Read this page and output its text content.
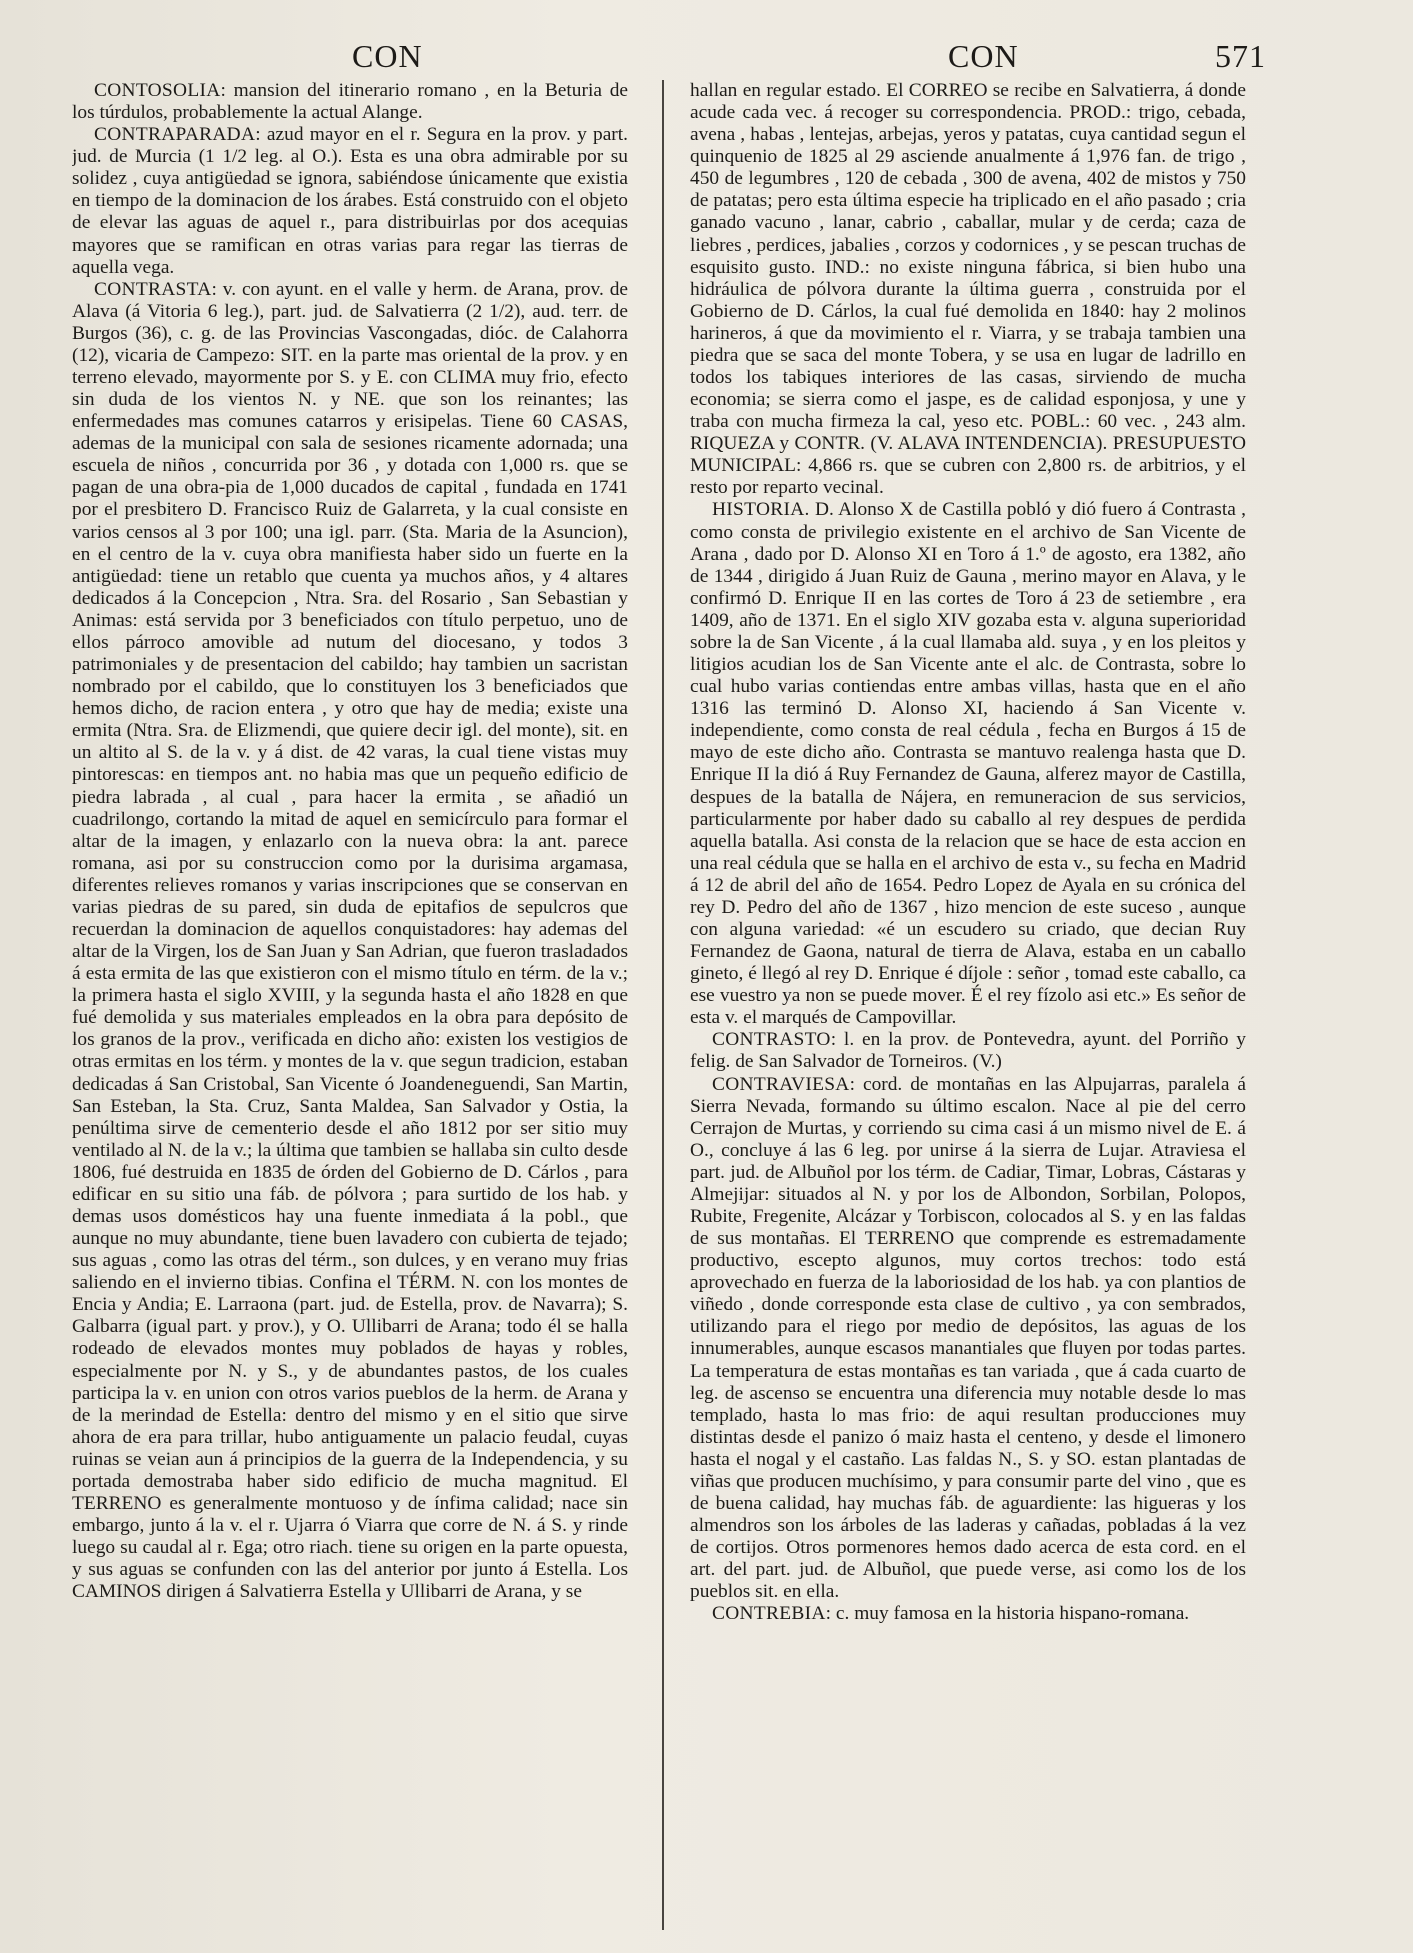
CON	CON	571

CONTOSOLIA: mansion del itinerario romano , en la Beturia de los túrdulos, probablemente la actual Alange.

CONTRAPARADA: azud mayor en el r. Segura en la prov. y part. jud. de Murcia (1 1/2 leg. al O.). Esta es una obra admirable por su solidez , cuya antigüedad se ignora, sabiéndose únicamente que existia en tiempo de la dominacion de los árabes. Está construido con el objeto de elevar las aguas de aquel r., para distribuirlas por dos acequias mayores que se ramifican en otras varias para regar las tierras de aquella vega.

CONTRASTA: v. con ayunt. en el valle y herm. de Arana, prov. de Alava (á Vitoria 6 leg.), part. jud. de Salvatierra (2 1/2), aud. terr. de Burgos (36), c. g. de las Provincias Vascongadas, dióc. de Calahorra (12), vicaria de Campezo: SIT. en la parte mas oriental de la prov. y en terreno elevado, mayormente por S. y E. con CLIMA muy frio, efecto sin duda de los vientos N. y NE. que son los reinantes; las enfermedades mas comunes catarros y erisipelas. Tiene 60 CASAS, ademas de la municipal con sala de sesiones ricamente adornada; una escuela de niños , concurrida por 36 , y dotada con 1,000 rs. que se pagan de una obra-pia de 1,000 ducados de capital , fundada en 1741 por el presbitero D. Francisco Ruiz de Galarreta, y la cual consiste en varios censos al 3 por 100; una igl. parr. (Sta. Maria de la Asuncion), en el centro de la v. cuya obra manifiesta haber sido un fuerte en la antigüedad: tiene un retablo que cuenta ya muchos años, y 4 altares dedicados á la Concepcion , Ntra. Sra. del Rosario , San Sebastian y Animas: está servida por 3 beneficiados con título perpetuo, uno de ellos párroco amovible ad nutum del diocesano, y todos 3 patrimoniales y de presentacion del cabildo; hay tambien un sacristan nombrado por el cabildo, que lo constituyen los 3 beneficiados que hemos dicho, de racion entera , y otro que hay de media; existe una ermita (Ntra. Sra. de Elizmendi, que quiere decir igl. del monte), sit. en un altito al S. de la v. y á dist. de 42 varas, la cual tiene vistas muy pintorescas: en tiempos ant. no habia mas que un pequeño edificio de piedra labrada , al cual , para hacer la ermita , se añadió un cuadrilongo, cortando la mitad de aquel en semicírculo para formar el altar de la imagen, y enlazarlo con la nueva obra: la ant. parece romana, asi por su construccion como por la durisima argamasa, diferentes relieves romanos y varias inscripciones que se conservan en varias piedras de su pared, sin duda de epitafios de sepulcros que recuerdan la dominacion de aquellos conquistadores: hay ademas del altar de la Virgen, los de San Juan y San Adrian, que fueron trasladados á esta ermita de las que existieron con el mismo título en térm. de la v.; la primera hasta el siglo XVIII, y la segunda hasta el año 1828 en que fué demolida y sus materiales empleados en la obra para depósito de los granos de la prov., verificada en dicho año: existen los vestigios de otras ermitas en los térm. y montes de la v. que segun tradicion, estaban dedicadas á San Cristobal, San Vicente ó Joandeneguendi, San Martin, San Esteban, la Sta. Cruz, Santa Maldea, San Salvador y Ostia, la penúltima sirve de cementerio desde el año 1812 por ser sitio muy ventilado al N. de la v.; la última que tambien se hallaba sin culto desde 1806, fué destruida en 1835 de órden del Gobierno de D. Cárlos , para edificar en su sitio una fáb. de pólvora ; para surtido de los hab. y demas usos domésticos hay una fuente inmediata á la pobl., que aunque no muy abundante, tiene buen lavadero con cubierta de tejado; sus aguas , como las otras del térm., son dulces, y en verano muy frias saliendo en el invierno tibias. Confina el TÉRM. N. con los montes de Encia y Andia; E. Larraona (part. jud. de Estella, prov. de Navarra); S. Galbarra (igual part. y prov.), y O. Ullibarri de Arana; todo él se halla rodeado de elevados montes muy poblados de hayas y robles, especialmente por N. y S., y de abundantes pastos, de los cuales participa la v. en union con otros varios pueblos de la herm. de Arana y de la merindad de Estella: dentro del mismo y en el sitio que sirve ahora de era para trillar, hubo antiguamente un palacio feudal, cuyas ruinas se veian aun á principios de la guerra de la Independencia, y su portada demostraba haber sido edificio de mucha magnitud. El TERRENO es generalmente montuoso y de ínfima calidad; nace sin embargo, junto á la v. el r. Ujarra ó Viarra que corre de N. á S. y rinde luego su caudal al r. Ega; otro riach. tiene su origen en la parte opuesta, y sus aguas se confunden con las del anterior por junto á Estella. Los CAMINOS dirigen á Salvatierra Estella y Ullibarri de Arana, y se

hallan en regular estado. El CORREO se recibe en Salvatierra, á donde acude cada vec. á recoger su correspondencia. PROD.: trigo, cebada, avena , habas , lentejas, arbejas, yeros y patatas, cuya cantidad segun el quinquenio de 1825 al 29 asciende anualmente á 1,976 fan. de trigo , 450 de legumbres , 120 de cebada , 300 de avena, 402 de mistos y 750 de patatas; pero esta última especie ha triplicado en el año pasado ; cria ganado vacuno , lanar, cabrio , caballar, mular y de cerda; caza de liebres , perdices, jabalies , corzos y codornices , y se pescan truchas de esquisito gusto. IND.: no existe ninguna fábrica, si bien hubo una hidráulica de pólvora durante la última guerra , construida por el Gobierno de D. Cárlos, la cual fué demolida en 1840: hay 2 molinos harineros, á que da movimiento el r. Viarra, y se trabaja tambien una piedra que se saca del monte Tobera, y se usa en lugar de ladrillo en todos los tabiques interiores de las casas, sirviendo de mucha economia; se sierra como el jaspe, es de calidad esponjosa, y une y traba con mucha firmeza la cal, yeso etc. POBL.: 60 vec. , 243 alm. RIQUEZA y CONTR. (V. ALAVA INTENDENCIA). PRESUPUESTO MUNICIPAL: 4,866 rs. que se cubren con 2,800 rs. de arbitrios, y el resto por reparto vecinal.

HISTORIA. D. Alonso X de Castilla pobló y dió fuero á Contrasta , como consta de privilegio existente en el archivo de San Vicente de Arana , dado por D. Alonso XI en Toro á 1.º de agosto, era 1382, año de 1344 , dirigido á Juan Ruiz de Gauna , merino mayor en Alava, y le confirmó D. Enrique II en las cortes de Toro á 23 de setiembre , era 1409, año de 1371. En el siglo XIV gozaba esta v. alguna superioridad sobre la de San Vicente , á la cual llamaba ald. suya , y en los pleitos y litigios acudian los de San Vicente ante el alc. de Contrasta, sobre lo cual hubo varias contiendas entre ambas villas, hasta que en el año 1316 las terminó D. Alonso XI, haciendo á San Vicente v. independiente, como consta de real cédula , fecha en Burgos á 15 de mayo de este dicho año. Contrasta se mantuvo realenga hasta que D. Enrique II la dió á Ruy Fernandez de Gauna, alferez mayor de Castilla, despues de la batalla de Nájera, en remuneracion de sus servicios, particularmente por haber dado su caballo al rey despues de perdida aquella batalla. Asi consta de la relacion que se hace de esta accion en una real cédula que se halla en el archivo de esta v., su fecha en Madrid á 12 de abril del año de 1654. Pedro Lopez de Ayala en su crónica del rey D. Pedro del año de 1367 , hizo mencion de este suceso , aunque con alguna variedad: «é un escudero su criado, que decian Ruy Fernandez de Gaona, natural de tierra de Alava, estaba en un caballo gineto, é llegó al rey D. Enrique é díjole : señor , tomad este caballo, ca ese vuestro ya non se puede mover. É el rey fízolo asi etc.» Es señor de esta v. el marqués de Campovillar.

CONTRASTO: l. en la prov. de Pontevedra, ayunt. del Porriño y felig. de San Salvador de Torneiros. (V.)

CONTRAVIESA: cord. de montañas en las Alpujarras, paralela á Sierra Nevada, formando su último escalon. Nace al pie del cerro Cerrajon de Murtas, y corriendo su cima casi á un mismo nivel de E. á O., concluye á las 6 leg. por unirse á la sierra de Lujar. Atraviesa el part. jud. de Albuñol por los térm. de Cadiar, Timar, Lobras, Cástaras y Almejijar: situados al N. y por los de Albondon, Sorbilan, Polopos, Rubite, Fregenite, Alcázar y Torbiscon, colocados al S. y en las faldas de sus montañas. El TERRENO que comprende es estremadamente productivo, escepto algunos, muy cortos trechos: todo está aprovechado en fuerza de la laboriosidad de los hab. ya con plantios de viñedo , donde corresponde esta clase de cultivo , ya con sembrados, utilizando para el riego por medio de depósitos, las aguas de los innumerables, aunque escasos manantiales que fluyen por todas partes. La temperatura de estas montañas es tan variada , que á cada cuarto de leg. de ascenso se encuentra una diferencia muy notable desde lo mas templado, hasta lo mas frio: de aqui resultan producciones muy distintas desde el panizo ó maiz hasta el centeno, y desde el limonero hasta el nogal y el castaño. Las faldas N., S. y SO. estan plantadas de viñas que producen muchísimo, y para consumir parte del vino , que es de buena calidad, hay muchas fáb. de aguardiente: las higueras y los almendros son los árboles de las laderas y cañadas, pobladas á la vez de cortijos. Otros pormenores hemos dado acerca de esta cord. en el art. del part. jud. de Albuñol, que puede verse, asi como los de los pueblos sit. en ella.

CONTREBIA: c. muy famosa en la historia hispano-romana.
